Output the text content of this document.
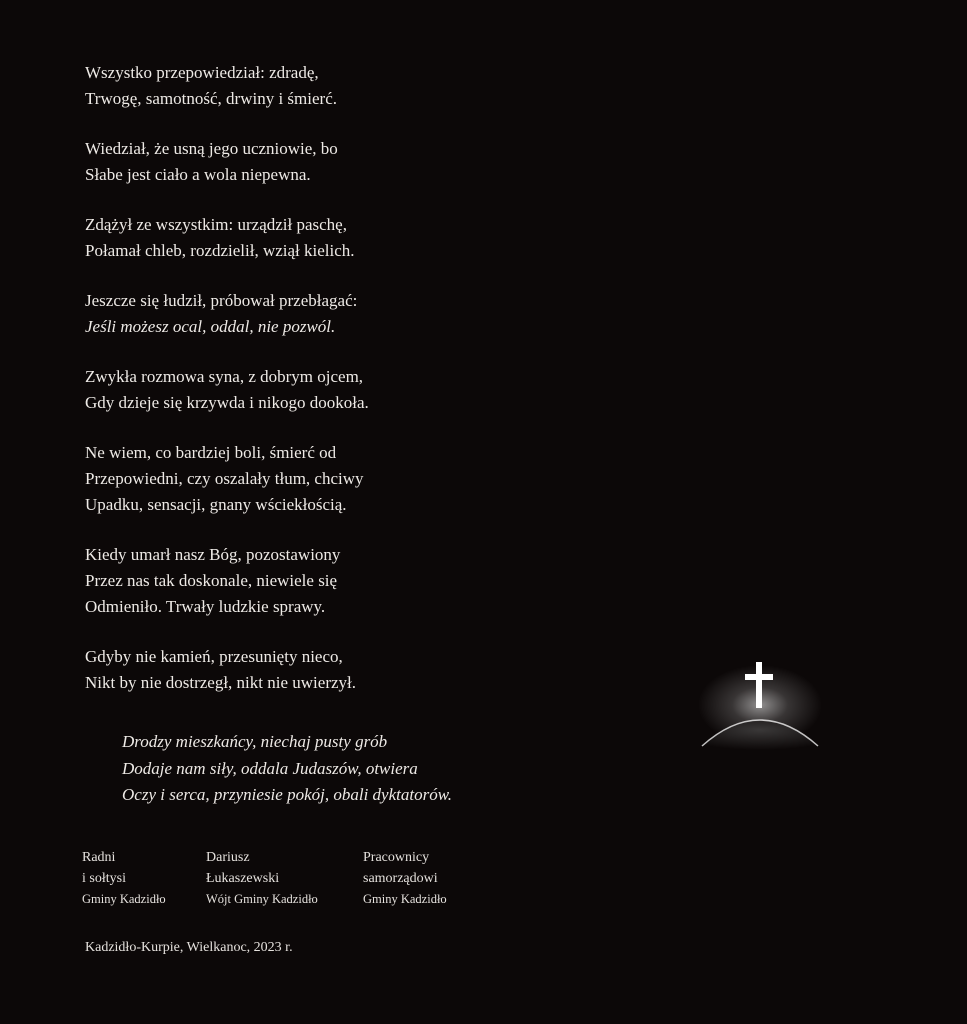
Wszystko przepowiedział: zdradę,
Trwogę, samotność, drwiny i śmierć.
Wiedział, że usną jego uczniowie, bo
Słabe jest ciało a wola niepewna.
Zdążył ze wszystkim: urządził paschę,
Połamał chleb, rozdzielił, wziął kielich.
Jeszcze się łudził, próbował przebłagać:
Jeśli możesz ocal, oddal, nie pozwól.
Zwykła rozmowa syna, z dobrym ojcem,
Gdy dzieje się krzywda i nikogo dookoła.
Ne wiem, co bardziej boli, śmierć od
Przepowiedni, czy oszalały tłum, chciwy
Upadku, sensacji, gnany wściekłością.
Kiedy umarł nasz Bóg, pozostawiony
Przez nas tak doskonale, niewiele się
Odmieniło. Trwały ludzkie sprawy.
Gdyby nie kamień, przesunięty nieco,
Nikt by nie dostrzegł, nikt nie uwierzył.
Drodzy mieszkańcy, niechaj pusty grób
Dodaje nam siły, oddala Judaszów, otwiera
Oczy i serca, przyniesie pokój, obali dyktatorów.
Radni
i sołtysi
Gminy Kadzidło
Dariusz
Łukaszewski
Wójt Gminy Kadzidło
Pracownicy
samorządowi
Gminy Kadzidło
Kadzidło-Kurpie, Wielkanoc, 2023 r.
